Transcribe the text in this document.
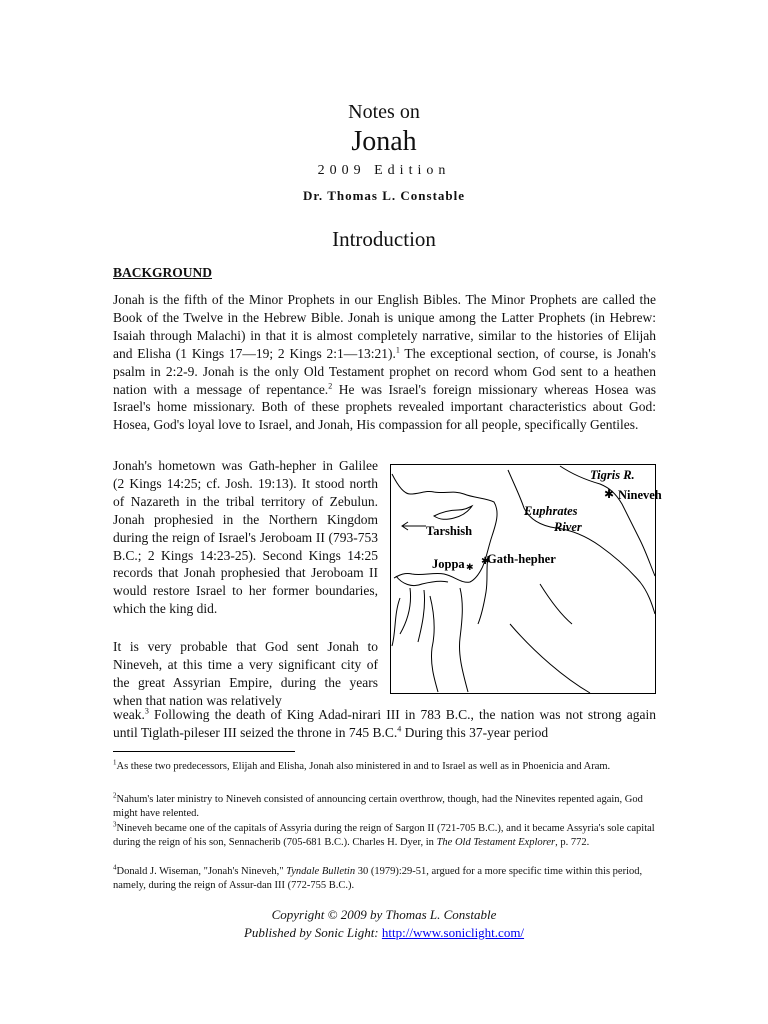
Notes on
Jonah
2009 Edition
Dr. Thomas L. Constable
Introduction
BACKGROUND
Jonah is the fifth of the Minor Prophets in our English Bibles. The Minor Prophets are called the Book of the Twelve in the Hebrew Bible. Jonah is unique among the Latter Prophets (in Hebrew: Isaiah through Malachi) in that it is almost completely narrative, similar to the histories of Elijah and Elisha (1 Kings 17—19; 2 Kings 2:1—13:21).$^1$ The exceptional section, of course, is Jonah's psalm in 2:2-9. Jonah is the only Old Testament prophet on record whom God sent to a heathen nation with a message of repentance.$^2$ He was Israel's foreign missionary whereas Hosea was Israel's home missionary. Both of these prophets revealed important characteristics about God: Hosea, God's loyal love to Israel, and Jonah, His compassion for all people, specifically Gentiles.
Jonah's hometown was Gath-hepher in Galilee (2 Kings 14:25; cf. Josh. 19:13). It stood north of Nazareth in the tribal territory of Zebulun. Jonah prophesied in the Northern Kingdom during the reign of Israel's Jeroboam II (793-753 B.C.; 2 Kings 14:23-25). Second Kings 14:25 records that Jonah prophesied that Jeroboam II would restore Israel to her former boundaries, which the king did.
It is very probable that God sent Jonah to Nineveh, at this time a very significant city of the great Assyrian Empire, during the years when that nation was relatively
weak.$^3$ Following the death of King Adad-nirari III in 783 B.C., the nation was not strong again until Tiglath-pileser III seized the throne in 745 B.C.$^4$ During this 37-year period
✱
✱
✱
Tigris R.
Nineveh
Euphrates
River
Tarshish
Joppa Gath-hepher
$^1$As these two predecessors, Elijah and Elisha, Jonah also ministered in and to Israel as well as in Phoenicia and Aram.
$^2$Nahum's later ministry to Nineveh consisted of announcing certain overthrow, though, had the Ninevites repented again, God might have relented.
$^3$Nineveh became one of the capitals of Assyria during the reign of Sargon II (721-705 B.C.), and it became Assyria's sole capital during the reign of his son, Sennacherib (705-681 B.C.). Charles H. Dyer, in The Old Testament Explorer, p. 772.
$^4$Donald J. Wiseman, "Jonah's Nineveh," Tyndale Bulletin 30 (1979):29-51, argued for a more specific time within this period, namely, during the reign of Assur-dan III (772-755 B.C.).
Copyright © 2009 by Thomas L. Constable
Published by Sonic Light: http://www.soniclight.com/
